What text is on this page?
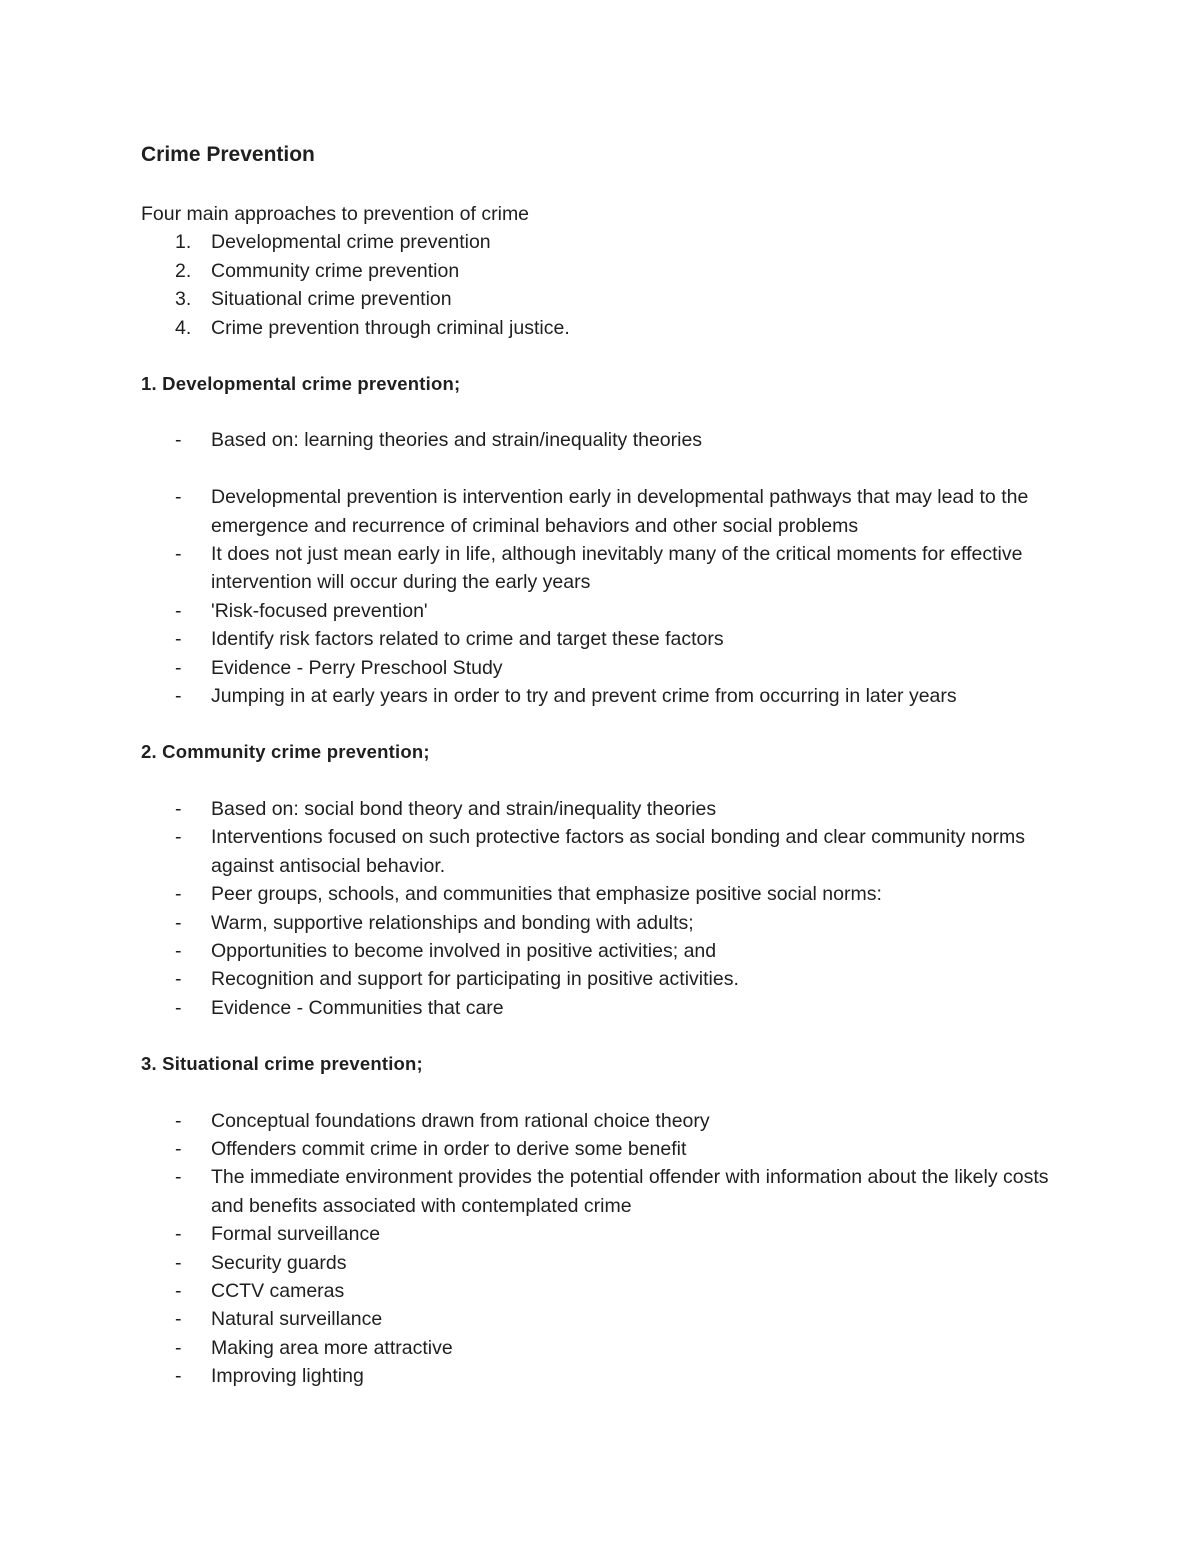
Crime Prevention
Four main approaches to prevention of crime
1. Developmental crime prevention
2. Community crime prevention
3. Situational crime prevention
4. Crime prevention through criminal justice.
1. Developmental crime prevention;
- Based on: learning theories and strain/inequality theories
- Developmental prevention is intervention early in developmental pathways that may lead to the emergence and recurrence of criminal behaviors and other social problems
- It does not just mean early in life, although inevitably many of the critical moments for effective intervention will occur during the early years
- 'Risk-focused prevention'
- Identify risk factors related to crime and target these factors
- Evidence - Perry Preschool Study
- Jumping in at early years in order to try and prevent crime from occurring in later years
2. Community crime prevention;
- Based on: social bond theory and strain/inequality theories
- Interventions focused on such protective factors as social bonding and clear community norms against antisocial behavior.
- Peer groups, schools, and communities that emphasize positive social norms:
- Warm, supportive relationships and bonding with adults;
- Opportunities to become involved in positive activities; and
- Recognition and support for participating in positive activities.
- Evidence - Communities that care
3. Situational crime prevention;
- Conceptual foundations drawn from rational choice theory
- Offenders commit crime in order to derive some benefit
- The immediate environment provides the potential offender with information about the likely costs and benefits associated with contemplated crime
- Formal surveillance
- Security guards
- CCTV cameras
- Natural surveillance
- Making area more attractive
- Improving lighting
